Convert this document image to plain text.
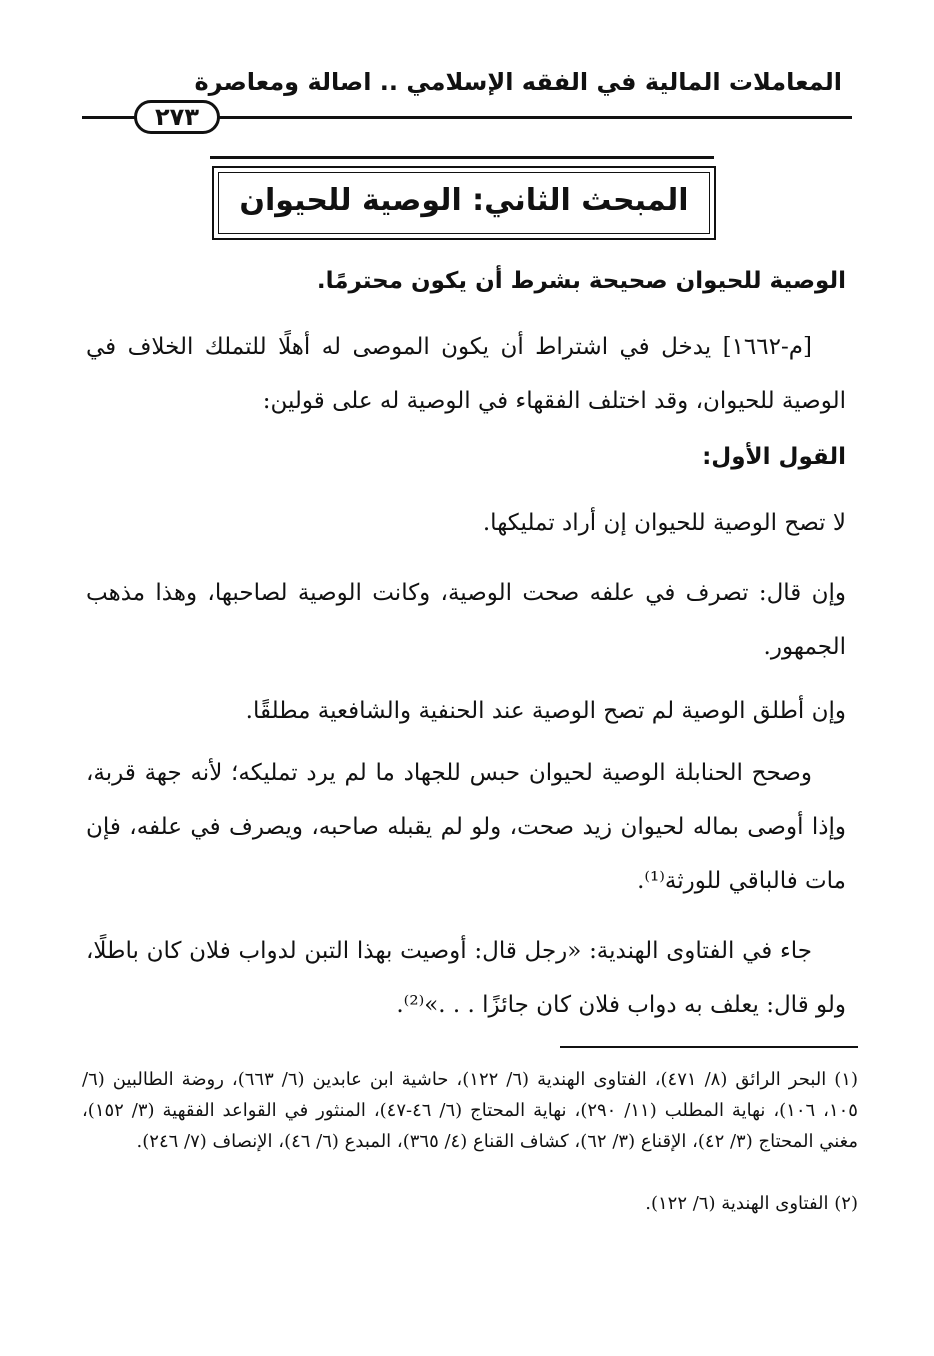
المعاملات المالية في الفقه الإسلامي .. اصالة ومعاصرة
٢٧٣
المبحث الثاني: الوصية للحيوان

الوصية للحيوان صحيحة بشرط أن يكون محترمًا.

[م-١٦٦٢] يدخل في اشتراط أن يكون الموصى له أهلًا للتملك الخلاف في الوصية للحيوان، وقد اختلف الفقهاء في الوصية له على قولين:

القول الأول:

لا تصح الوصية للحيوان إن أراد تمليكها.

وإن قال: تصرف في علفه صحت الوصية، وكانت الوصية لصاحبها، وهذا مذهب الجمهور.

وإن أطلق الوصية لم تصح الوصية عند الحنفية والشافعية مطلقًا.

وصحح الحنابلة الوصية لحيوان حبس للجهاد ما لم يرد تمليكه؛ لأنه جهة قربة، وإذا أوصى بماله لحيوان زيد صحت، ولو لم يقبله صاحبه، ويصرف في علفه، فإن مات فالباقي للورثة⁽¹⁾.

جاء في الفتاوى الهندية: «رجل قال: أوصيت بهذا التبن لدواب فلان كان باطلًا، ولو قال: يعلف به دواب فلان كان جائزًا . . .»⁽²⁾.

(١) البحر الرائق (٨/ ٤٧١)، الفتاوى الهندية (٦/ ١٢٢)، حاشية ابن عابدين (٦/ ٦٦٣)، روضة الطالبين (٦/ ١٠٥، ١٠٦)، نهاية المطلب (١١/ ٢٩٠)، نهاية المحتاج (٦/ ٤٦-٤٧)، المنثور في القواعد الفقهية (٣/ ١٥٢)، مغني المحتاج (٣/ ٤٢)، الإقناع (٣/ ٦٢)، كشاف القناع (٤/ ٣٦٥)، المبدع (٦/ ٤٦)، الإنصاف (٧/ ٢٤٦).

(٢) الفتاوى الهندية (٦/ ١٢٢).
